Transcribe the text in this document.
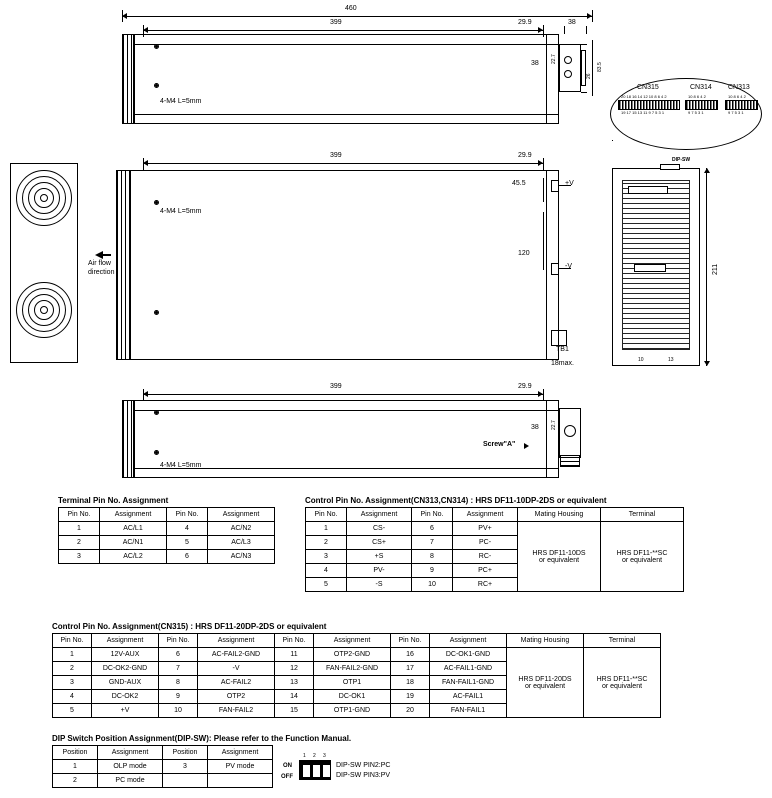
460
399	29.9	38
4-M4 L=5mm
22.7
38	83.5
26
CN315	CN314 CN313
20 18 16 14 12 10 8 6 4 2
19 17 15 13 11 9 7 5 3 1
10 8 6 4 2
9 7 5 3 1
10 8 6 4 2
9 7 5 3 1
Air flow
direction
399	29.9
4-M4 L=5mm
+V
-V
TB1
18max.
45.5
120
DIP-SW
10	13
211
399	29.9
4-M4 L=5mm
Screw"A"
22.7
38
Terminal Pin No. Assignment
Pin No.	Assignment	Pin No.	Assignment
1	AC/L1	4	AC/N2
2	AC/N1	5	AC/L3
3	AC/L2	6	AC/N3
Control Pin No. Assignment(CN313,CN314) : HRS DF11-10DP-2DS or equivalent
Pin No.	Assignment	Pin No.	Assignment	Mating Housing	Terminal
1	CS-	6	PV+	
HRS DF11-10DS
or equivalent

HRS DF11-**SC
or equivalent

2	CS+	7	PC-		
3	+S	8	RC-		
4	PV-	9	PC+		
5	-S	10	RC+		
Control Pin No. Assignment(CN315) : HRS DF11-20DP-2DS or equivalent
Pin No.	Assignment	Pin No.	Assignment	Pin No.	Assignment	Pin No.	Assignment	Mating Housing	Terminal
1	12V-AUX	6	AC-FAIL2-GND	11	OTP2-GND	16	DC-OK1-GND	
HRS DF11-20DS
or equivalent

HRS DF11-**SC
or equivalent

2	DC-OK2-GND	7	-V	12	FAN-FAIL2-GND	17	AC-FAIL1-GND		
3	GND-AUX	8	AC-FAIL2	13	OTP1	18	FAN-FAIL1-GND		
4	DC-OK2	9	OTP2	14	DC-OK1	19	AC-FAIL1		
5	+V	10	FAN-FAIL2	15	OTP1-GND	20	FAN-FAIL1		
DIP Switch Position Assignment(DIP-SW): Please refer to the Function Manual.
Position	Assignment	Position	Assignment
1	OLP mode	3	PV mode
2	PC mode		
ON
OFF
1 2 3
DIP-SW PIN2:PC
DIP-SW PIN3:PV
